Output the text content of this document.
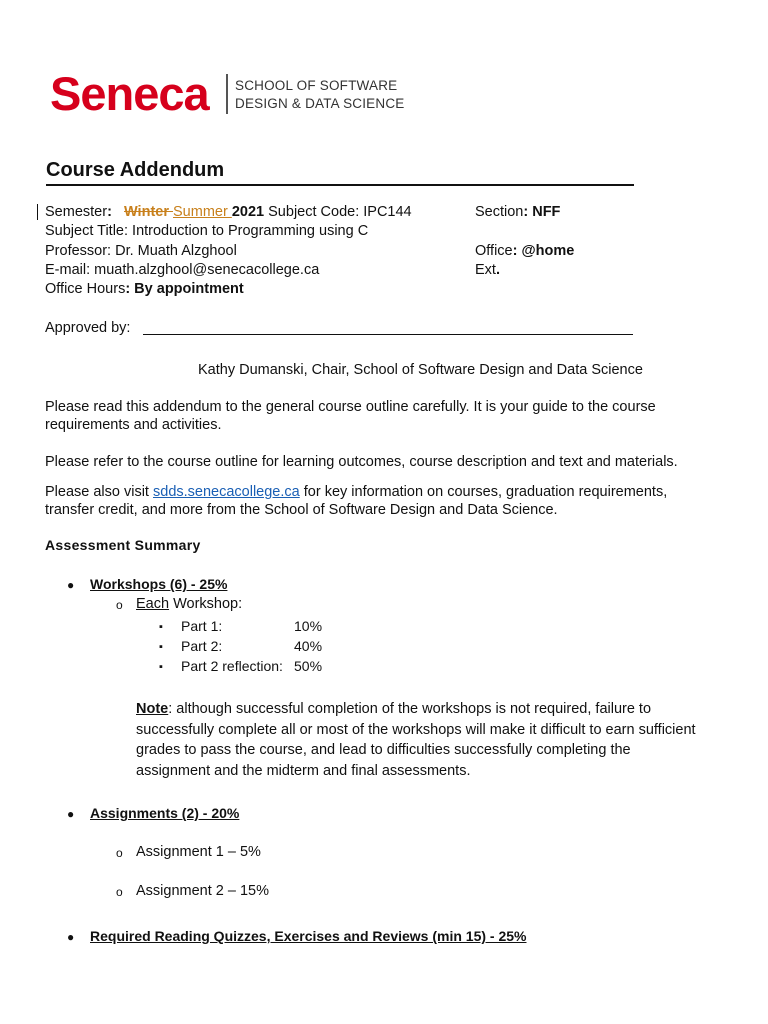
Seneca SCHOOL OF SOFTWARE
DESIGN & DATA SCIENCE
Course Addendum
Semester: Winter Summer 2021 Subject Code: IPC144	Section: NFF
Subject Title: Introduction to Programming using C
Professor: Dr. Muath Alzghool	Office: @home
E-mail: muath.alzghool@senecacollege.ca	Ext.
Office Hours: By appointment
Approved by:
Kathy Dumanski, Chair, School of Software Design and Data Science
Please read this addendum to the general course outline carefully. It is your guide to the course
requirements and activities.
Please refer to the course outline for learning outcomes, course description and text and materials.
Please also visit sdds.senecacollege.ca for key information on courses, graduation requirements,
transfer credit, and more from the School of Software Design and Data Science.
Assessment Summary
● Workshops (6) - 25%
o Each Workshop:
▪ Part 1:	10%
▪ Part 2:	40%
▪ Part 2 reflection: 50%
Note: although successful completion of the workshops is not required, failure to
successfully complete all or most of the workshops will make it difficult to earn sufficient
grades to pass the course, and lead to difficulties successfully completing the
assignment and the midterm and final assessments.
● Assignments (2) - 20%
o Assignment 1 – 5%
o Assignment 2 – 15%
● Required Reading Quizzes, Exercises and Reviews (min 15) - 25%
